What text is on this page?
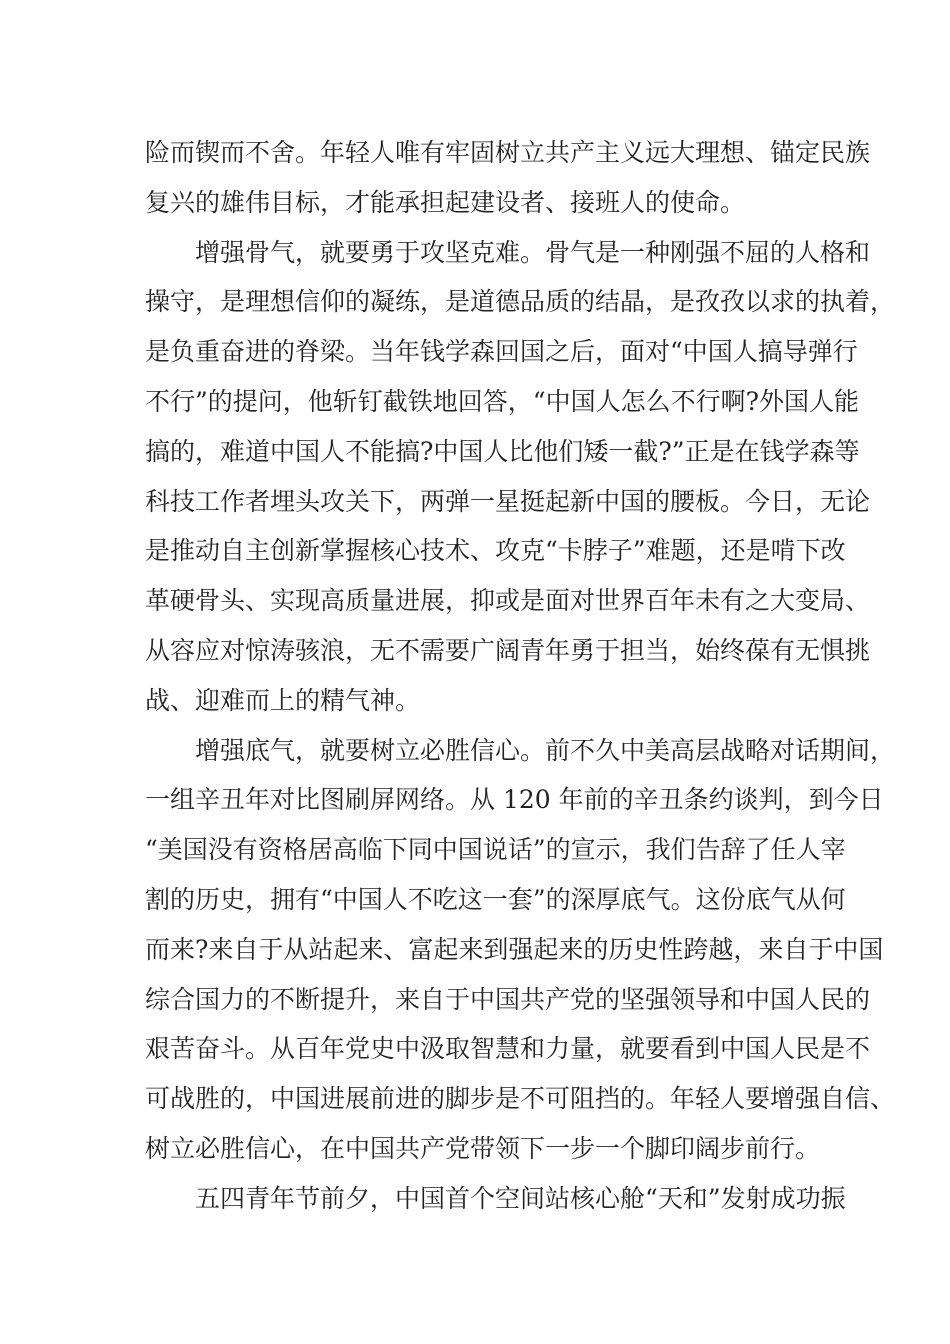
险而锲而不舍。年轻人唯有牢固树立共产主义远大理想、锚定民族
复兴的雄伟目标，才能承担起建设者、接班人的使命。
增强骨气，就要勇于攻坚克难。骨气是一种刚强不屈的人格和
操守，是理想信仰的凝练，是道德品质的结晶，是孜孜以求的执着，
是负重奋进的脊梁。当年钱学森回国之后，面对“中国人搞导弹行
不行”的提问，他斩钉截铁地回答，“中国人怎么不行啊?外国人能
搞的，难道中国人不能搞?中国人比他们矮一截?”正是在钱学森等
科技工作者埋头攻关下，两弹一星挺起新中国的腰板。今日，无论
是推动自主创新掌握核心技术、攻克“卡脖子”难题，还是啃下改
革硬骨头、实现高质量进展，抑或是面对世界百年未有之大变局、
从容应对惊涛骇浪，无不需要广阔青年勇于担当，始终葆有无惧挑
战、迎难而上的精气神。
增强底气，就要树立必胜信心。前不久中美高层战略对话期间，
一组辛丑年对比图刷屏网络。从 120 年前的辛丑条约谈判，到今日
“美国没有资格居高临下同中国说话”的宣示，我们告辞了任人宰
割的历史，拥有“中国人不吃这一套”的深厚底气。这份底气从何
而来?来自于从站起来、富起来到强起来的历史性跨越，来自于中国
综合国力的不断提升，来自于中国共产党的坚强领导和中国人民的
艰苦奋斗。从百年党史中汲取智慧和力量，就要看到中国人民是不
可战胜的，中国进展前进的脚步是不可阻挡的。年轻人要增强自信、
树立必胜信心，在中国共产党带领下一步一个脚印阔步前行。
五四青年节前夕，中国首个空间站核心舱“天和”发射成功振
